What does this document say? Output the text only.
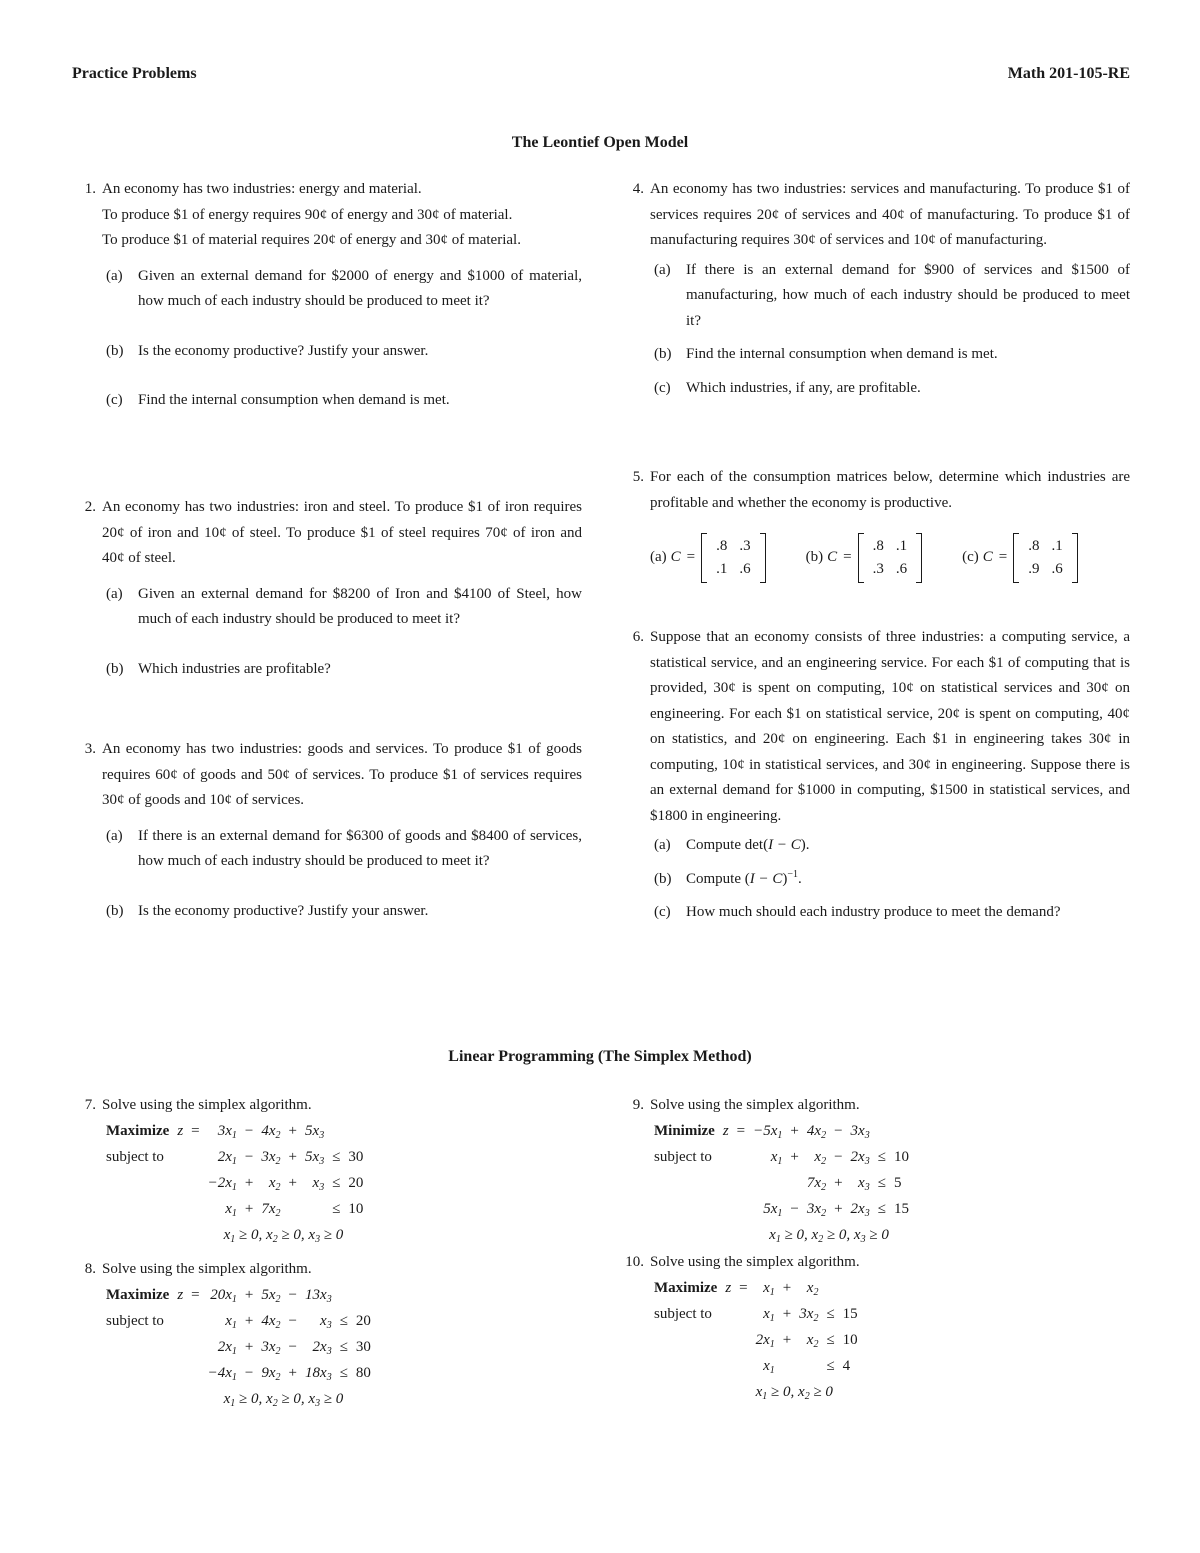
Practice Problems	Math 201-105-RE
The Leontief Open Model
1. An economy has two industries: energy and material.
To produce $1 of energy requires 90¢ of energy and 30¢ of material.
To produce $1 of material requires 20¢ of energy and 30¢ of material.
(a) Given an external demand for $2000 of energy and $1000 of material, how much of each industry should be produced to meet it?
(b) Is the economy productive? Justify your answer.
(c) Find the internal consumption when demand is met.
2. An economy has two industries: iron and steel. To produce $1 of iron requires 20¢ of iron and 10¢ of steel. To produce $1 of steel requires 70¢ of iron and 40¢ of steel.
(a) Given an external demand for $8200 of Iron and $4100 of Steel, how much of each industry should be produced to meet it?
(b) Which industries are profitable?
3. An economy has two industries: goods and services. To produce $1 of goods requires 60¢ of goods and 50¢ of services. To produce $1 of services requires 30¢ of goods and 10¢ of services.
(a) If there is an external demand for $6300 of goods and $8400 of services, how much of each industry should be produced to meet it?
(b) Is the economy productive? Justify your answer.
4. An economy has two industries: services and manufacturing. To produce $1 of services requires 20¢ of services and 40¢ of manufacturing. To produce $1 of manufacturing requires 30¢ of services and 10¢ of manufacturing.
(a) If there is an external demand for $900 of services and $1500 of manufacturing, how much of each industry should be produced to meet it?
(b) Find the internal consumption when demand is met.
(c) Which industries, if any, are profitable.
5. For each of the consumption matrices below, determine which industries are profitable and whether the economy is productive.
(a) C =
.8	.3
.1	.6
(b) C =
.8	.1
.3	.6
(c) C =
.8	.1
.9	.6
6. Suppose that an economy consists of three industries: a computing service, a statistical service, and an engineering service. For each $1 of computing that is provided, 30¢ is spent on computing, 10¢ on statistical services and 30¢ on engineering. For each $1 on statistical service, 20¢ is spent on computing, 40¢ on statistics, and 20¢ on engineering. Each $1 in engineering takes 30¢ in computing, 10¢ in statistical services, and 30¢ in engineering. Suppose there is an external demand for $1000 in computing, $1500 in statistical services, and $1800 in engineering.
(a) Compute det(I − C).
(b) Compute $(I - C)^{-1}$.
(c) How much should each industry produce to meet the demand?
Linear Programming (The Simplex Method)
7. Solve using the simplex algorithm.
Maximize	z	=	$3x_1$	−	$4x_2$	+	$5x_3$		
subject to			$2x_1$	−	$3x_2$	+	$5x_3$	≤	30
			$-2x_1$	+	$x_2$	+	$x_3$	≤	20
			$x_1$	+	$7x_2$			≤	10
			$x_1 \ge 0$, $x_2 \ge 0$, $x_3 \ge 0$						
8. Solve using the simplex algorithm.
Maximize	z	=	$20x_1$	+	$5x_2$	−	$13x_3$		
subject to			$x_1$	+	$4x_2$	−	$x_3$	≤	20
			$2x_1$	+	$3x_2$	−	$2x_3$	≤	30
			$-4x_1$	−	$9x_2$	+	$18x_3$	≤	80
			$x_1 \ge 0$, $x_2 \ge 0$, $x_3 \ge 0$						
9. Solve using the simplex algorithm.
Minimize	z	=	$-5x_1$	+	$4x_2$	−	$3x_3$		
subject to			$x_1$	+	$x_2$	−	$2x_3$	≤	10
					$7x_2$	+	$x_3$	≤	5
			$5x_1$	−	$3x_2$	+	$2x_3$	≤	15
			$x_1 \ge 0$, $x_2 \ge 0$, $x_3 \ge 0$						
10. Solve using the simplex algorithm.
Maximize	z	=	$x_1$	+	$x_2$		
subject to			$x_1$	+	$3x_2$	≤	15
			$2x_1$	+	$x_2$	≤	10
			$x_1$			≤	4
			$x_1 \ge 0$, $x_2 \ge 0$				
